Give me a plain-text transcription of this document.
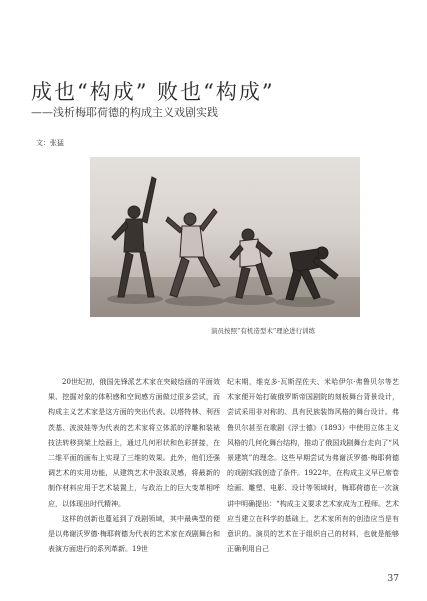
成也“构成” 败也“构成”
——浅析梅耶荷德的构成主义戏剧实践
文：张猛
演员按照“有机造型术”理论进行训练

20世纪初，俄国先锋派艺术家在突破绘画的平面效果、挖掘对象的体积感和空间感方面做过很多尝试，而构成主义艺术家是这方面的突出代表。以塔特林、利西茨基、波波娃等为代表的艺术家将立体派的浮雕和装裱技法转移到架上绘画上，通过几何形状和色彩拼接，在二维平面的画布上实现了三维的效果。此外，他们还强调艺术的实用功能，从建筑艺术中汲取灵感，将最新的制作材料应用于艺术装置上，与政治上的巨大变革相呼应，以体现出时代精神。

这样的创新也蔓延到了戏剧领域，其中最典型的便是以弗谢沃罗德·梅耶荷德为代表的艺术家在戏剧舞台和表演方面进行的系列革新。19世

纪末期，维克多·瓦斯涅佐夫、米哈伊尔·弗鲁贝尔等艺术家便开始打破俄罗斯帝国剧院的刻板舞台背景设计，尝试采用非对称的、具有民族装饰风格的舞台设计。弗鲁贝尔甚至在歌剧《浮士德》（1893）中使用立体主义风格的几何化舞台结构，推动了俄国戏剧舞台走向了“风景建筑”的理念。这些早期尝试为弗谢沃罗德·梅耶荷德的戏剧实践创造了条件。1922年，在构成主义早已席卷绘画、雕塑、电影、设计等领域时，梅耶荷德在一次演讲中明确提出：“构成主义要求艺术家成为工程师。艺术应当建立在科学的基础上，艺术家所有的创造应当是有意识的。演员的艺术在于组织自己的材料，也就是能够正确利用自己

37
